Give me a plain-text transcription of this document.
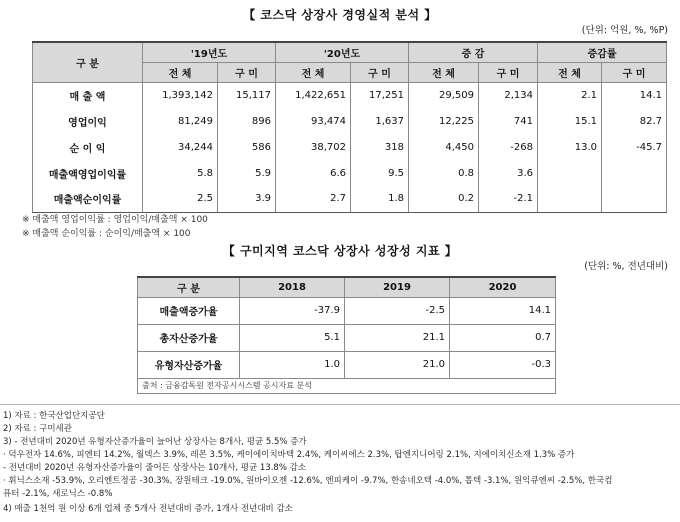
【 코스닥 상장사 경영실적 분석 】
(단위: 억원, %, %P)
구 분	'19년도		'20년도		증 감		증감률	
	전 체	구 미	전 체	구 미	전 체	구 미	전 체	구 미
매 출 액	1,393,142	15,117	1,422,651	17,251	29,509	2,134	2.1	14.1
영업이익	81,249	896	93,474	1,637	12,225	741	15.1	82.7
순 이 익	34,244	586	38,702	318	4,450	-268	13.0	-45.7
매출액영업이익률	5.8	5.9	6.6	9.5	0.8	3.6		
매출액순이익률	2.5	3.9	2.7	1.8	0.2	-2.1		
※ 매출액 영업이익률 : 영업이익/매출액 × 100
※ 매출액 순이익률 : 순이익/매출액 × 100
【 구미지역 코스닥 상장사 성장성 지표 】
(단위: %, 전년대비)
구 분	2018	2019	2020
매출액증가율	-37.9	-2.5	14.1
총자산증가율	5.1	21.1	0.7
유형자산증가율	1.0	21.0	-0.3
출처 : 금융감독원 전자공시시스템 공시자료 분석			
1) 자료 : 한국산업단지공단
2) 자료 : 구미세관
3) - 전년대비 2020년 유형자산증가율이 늘어난 상장사는 8개사, 평균 5.5% 증가
· 덕우전자 14.6%, 피엔티 14.2%, 월덱스 3.9%, 레몬 3.5%, 케이에이치바텍 2.4%, 케이씨에스 2.3%, 탑엔지니어링 2.1%, 지에이치신소재 1.3% 증가
- 전년대비 2020년 유형자산증가율이 줄어든 상장사는 10개사, 평균 13.8% 감소
· 휘닉스소재 -53.9%, 오리엔트정공 -30.3%, 장원테크 -19.0%, 원바이오젠 -12.6%, 엔피케이 -9.7%, 한송네오텍 -4.0%, 톱텍 -3.1%, 원익큐엔씨 -2.5%, 한국컴
퓨터 -2.1%, 새로닉스 -0.8%
4) 매출 1천억 원 이상 6개 업체 중 5개사 전년대비 증가, 1개사 전년대비 감소
